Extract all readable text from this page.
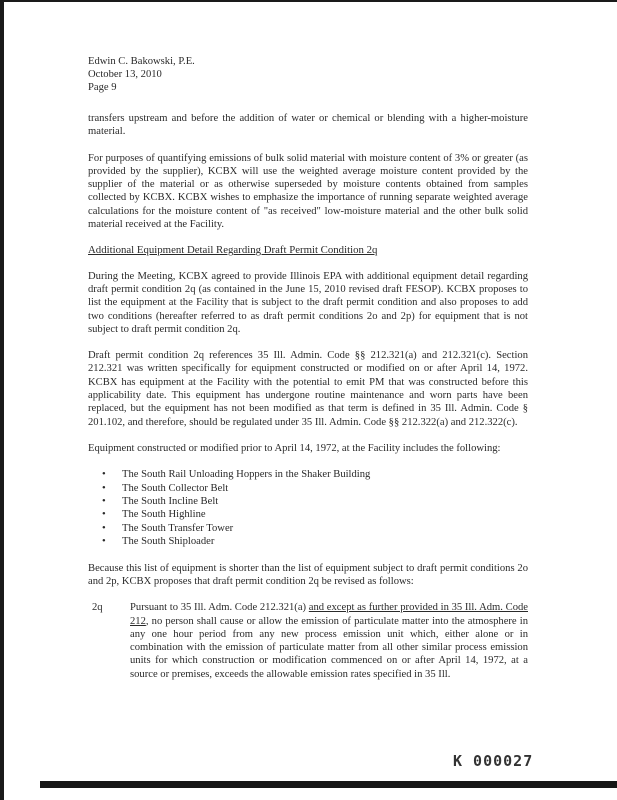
Edwin C. Bakowski, P.E.
October 13, 2010
Page 9

transfers upstream and before the addition of water or chemical or blending with a higher-moisture material.

For purposes of quantifying emissions of bulk solid material with moisture content of 3% or greater (as provided by the supplier), KCBX will use the weighted average moisture content provided by the supplier of the material or as otherwise superseded by moisture contents obtained from samples collected by KCBX. KCBX wishes to emphasize the importance of running separate weighted average calculations for the moisture content of "as received" low-moisture material and the other bulk solid material received at the Facility.

Additional Equipment Detail Regarding Draft Permit Condition 2q

During the Meeting, KCBX agreed to provide Illinois EPA with additional equipment detail regarding draft permit condition 2q (as contained in the June 15, 2010 revised draft FESOP). KCBX proposes to list the equipment at the Facility that is subject to the draft permit condition and also proposes to add two conditions (hereafter referred to as draft permit conditions 2o and 2p) for equipment that is not subject to draft permit condition 2q.

Draft permit condition 2q references 35 Ill. Admin. Code §§ 212.321(a) and 212.321(c). Section 212.321 was written specifically for equipment constructed or modified on or after April 14, 1972. KCBX has equipment at the Facility with the potential to emit PM that was constructed before this applicability date. This equipment has undergone routine maintenance and worn parts have been replaced, but the equipment has not been modified as that term is defined in 35 Ill. Admin. Code § 201.102, and therefore, should be regulated under 35 Ill. Admin. Code §§ 212.322(a) and 212.322(c).

Equipment constructed or modified prior to April 14, 1972, at the Facility includes the following:

• The South Rail Unloading Hoppers in the Shaker Building
• The South Collector Belt
• The South Incline Belt
• The South Highline
• The South Transfer Tower
• The South Shiploader

Because this list of equipment is shorter than the list of equipment subject to draft permit conditions 2o and 2p, KCBX proposes that draft permit condition 2q be revised as follows:

2q	Pursuant to 35 Ill. Adm. Code 212.321(a) and except as further provided in 35 Ill. Adm. Code 212, no person shall cause or allow the emission of particulate matter into the atmosphere in any one hour period from any new process emission unit which, either alone or in combination with the emission of particulate matter from all other similar process emission units for which construction or modification commenced on or after April 14, 1972, at a source or premises, exceeds the allowable emission rates specified in 35 Ill.
K 000027
